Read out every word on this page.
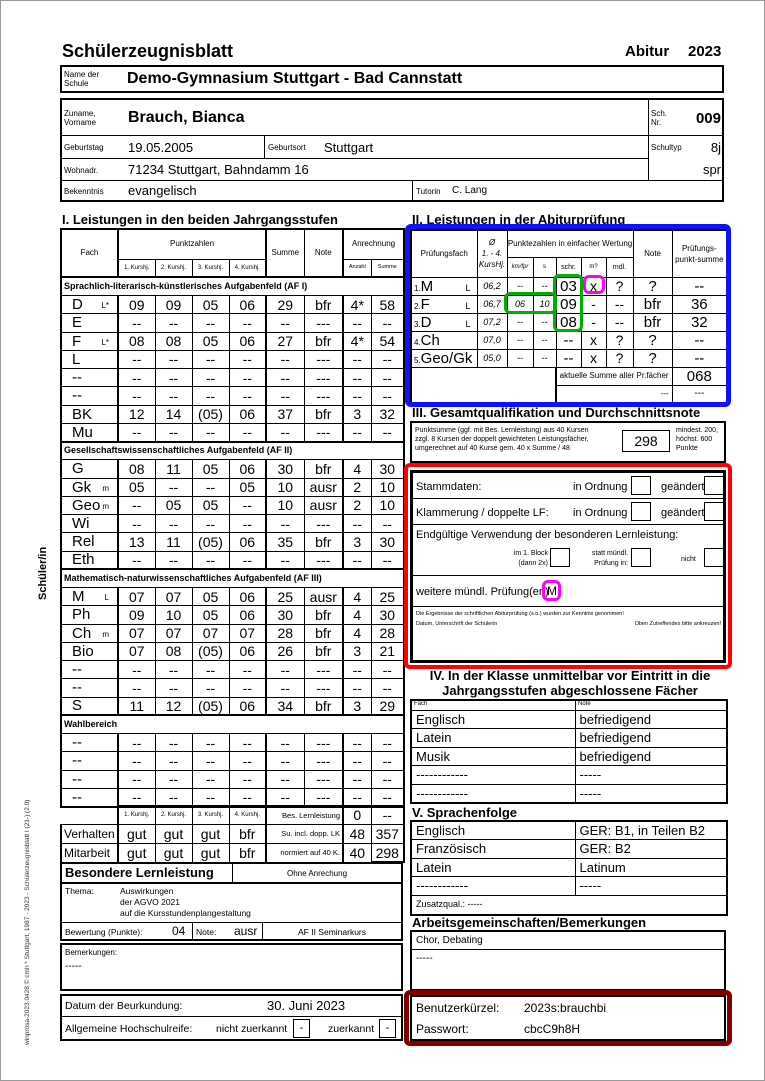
Schülerzeugnisblatt	Abitur 2023
Name der
Schule Demo-Gymnasium Stuttgart - Bad Cannstatt
Zuname,
Vorname Brauch, Bianca	Sch.
Nr. 009
Geburtstag 19.05.2005	Geburtsort Stuttgart	Schultyp 8j
spr
Wohnadr. 71234 Stuttgart, Bahndamm 16
Bekenntnis evangelisch	Tutorin C. Lang
Schüler/in
winprosa-2023.0428 © cmh * Stuttgart, 1987 - 2023 - Schülerzeugnisblatt I (21-) (2.0)
I. Leistungen in den beiden Jahrgangsstufen
Fach	Punktzahlen				Summe	Note	Anrechnung	
	1. Kurshj.	2. Kurshj.	3. Kurshj.	4. Kurshj.			Anzahl	Summe
Sprachlich-literarisch-künstlerisches Aufgabenfeld (AF I)								

L*
D	09	09	05	06	29	bfr	4*	58

E	--	--	--	--	--	---	--	--

L*
F	08	08	05	06	27	bfr	4*	54

L	--	--	--	--	--	---	--	--

--	--	--	--	--	--	---	--	--

--	--	--	--	--	--	---	--	--

BK	12	14	(05)	06	37	bfr	3	32

Mu	--	--	--	--	--	---	--	--
Gesellschaftswissenschaftliches Aufgabenfeld (AF II)								

G	08	11	05	06	30	bfr	4	30

m
Gk	05	--	--	05	10	ausr	2	10

m
Geo	--	05	05	--	10	ausr	2	10

Wi	--	--	--	--	--	---	--	--

Rel	13	11	(05)	06	35	bfr	3	30

Eth	--	--	--	--	--	---	--	--
Mathematisch-naturwissenschaftliches Aufgabenfeld (AF III)								

L
M	07	07	05	06	25	ausr	4	25

Ph	09	10	05	06	30	bfr	4	30

m
Ch	07	07	07	07	28	bfr	4	28

Bio	07	08	(05)	06	26	bfr	3	21

--	--	--	--	--	--	---	--	--

--	--	--	--	--	--	---	--	--

S	11	12	(05)	06	34	bfr	3	29
Wahlbereich								

--	--	--	--	--	--	---	--	--

--	--	--	--	--	--	---	--	--

--	--	--	--	--	--	---	--	--

--	--	--	--	--	--	---	--	--
	1. Kurshj.	2. Kurshj.	3. Kurshj.	4. Kurshj.	Bes. Lernleistung	0	--
Verhalten	gut	gut	gut	bfr	Su. incl. dopp. LK	48	357
Mitarbeit	gut	gut	gut	bfr	normiert auf 40 K.	40	298
Besondere Lernleistung	Ohne Anrechung
Thema:	Auswirkungen
der AGVO 2021
auf die Kursstundenplangestaltung
Bewertung (Punkte): 04 Note: ausr	AF II Seminarkurs
Bemerkungen:
-----
Datum der Beurkundung:	30. Juni 2023
Allgemeine Hochschulreife: nicht zuerkannt	-	zuerkannt	-
II. Leistungen in der Abiturprüfung
Prüfungsfach	Ø
1. - 4.
KursHj.	Punktezahlen in einfacher Wertung					Note	Prüfungs-punkt-summe
		km/fpr	s	schr.	m?	mdl.		

L
1.M	06,2	--	--	03	x	?	?	--

L
2.F	06,7	06	10	09	-	--	bfr	36

L
3.D	07,2	--	--	08	-	--	bfr	32

4.Ch	07,0	--	--	--	x	?	?	--

5.Geo/Gk	05,0	--	--	--	x	?	?	--
				aktuelle Summe aller Pr.fächer				068
				---				---
III. Gesamtqualifikation und Durchschnittsnote
Punktsumme (ggf. mit Bes. Lernleistung) aus 40 Kursen
zzgl. 8 Kursen der doppelt gewichteten Leistungsfächer,
umgerechnet auf 40 Kurse gem. 40 x Summe / 48	298
mindest. 200,
höchst. 600
Punkte
Stammdaten:	in Ordnung	geändert
Klammerung / doppelte LF: in Ordnung	geändert
Endgültige Verwendung der besonderen Lernleistung:
im 1. Block
(dann 2x)
statt mündl.
Prüfung in:
nicht
weitere mündl. Prüfung(en)
M
Die Ergebnisse der schriftlichen Abiturprüfung (s.o.) wurden zur Kenntnis genommen!
Datum, Unterschrift der Schülerin	Oben Zutreffendes bitte ankreuzen!
IV. In der Klasse unmittelbar vor Eintritt in die
Jahrgangsstufen abgeschlossene Fächer
Fach	Note

Englisch	befriedigend
Latein	befriedigend
Musik	befriedigend
------------	-----
------------	-----
V. Sprachenfolge
Englisch	GER: B1, in Teilen B2
Französisch	GER: B2
Latein	Latinum
------------	-----
Zusatzqual.: -----	
Arbeitsgemeinschaften/Bemerkungen
Chor, Debating
-----
Benutzerkürzel: 2023s:brauchbi
Passwort:	cbcC9h8H
